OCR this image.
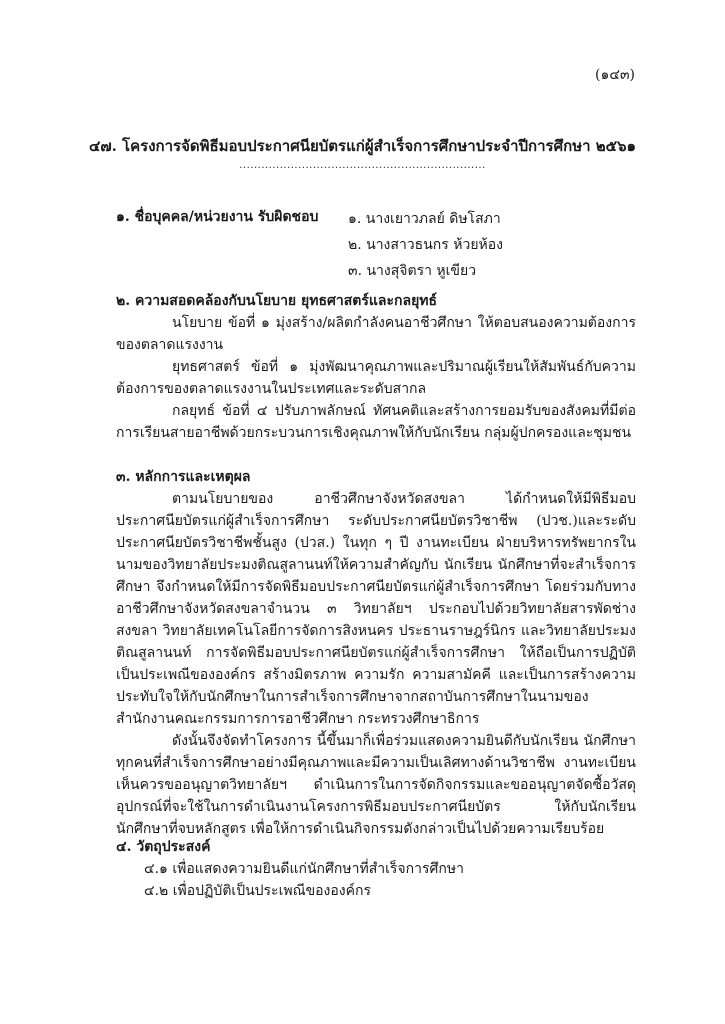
(๑๔๓)
๔๗. โครงการจัดพิธีมอบประกาศนียบัตรแก่ผู้สำเร็จการศึกษาประจำปีการศึกษา ๒๕๖๑
...................................................................
๑. ชื่อบุคคล/หน่วยงาน รับผิดชอบ ๑. นางเยาวภลย์ ดิษโสภา
๒. นางสาวธนกร ห้วยห้อง
๓. นางสุจิตรา หูเขียว
๒. ความสอดคล้องกับนโยบาย ยุทธศาสตร์และกลยุทธ์
นโยบาย ข้อที่ ๑ มุ่งสร้าง/ผลิตกำลังคนอาชีวศึกษา ให้ตอบสนองความต้องการของตลาดแรงงาน
ยุทธศาสตร์ ข้อที่ ๑ มุ่งพัฒนาคุณภาพและปริมาณผู้เรียนให้สัมพันธ์กับความต้องการของตลาดแรงงานในประเทศและระดับสากล
กลยุทธ์ ข้อที่ ๔ ปรับภาพลักษณ์ ทัศนคติและสร้างการยอมรับของสังคมที่มีต่อการเรียนสายอาชีพด้วยกระบวนการเชิงคุณภาพให้กับนักเรียน กลุ่มผู้ปกครองและชุมชน
๓. หลักการและเหตุผล
ตามนโยบายของ อาชีวศึกษาจังหวัดสงขลา ได้กำหนดให้มีพิธีมอบประกาศนียบัตรแก่ผู้สำเร็จการศึกษา ระดับประกาศนียบัตรวิชาชีพ (ปวช.)และระดับประกาศนียบัตรวิชาชีพชั้นสูง (ปวส.) ในทุก ๆ ปี งานทะเบียน ฝ่ายบริหารทรัพยากรในนามของวิทยาลัยประมงติณสูลานนท์ให้ความสำคัญกับ นักเรียน นักศึกษาที่จะสำเร็จการศึกษา จึงกำหนดให้มีการจัดพิธีมอบประกาศนียบัตรแก่ผู้สำเร็จการศึกษา โดยร่วมกับทางอาชีวศึกษาจังหวัดสงขลาจำนวน ๓ วิทยาลัยฯ ประกอบไปด้วยวิทยาลัยสารพัดช่างสงขลา วิทยาลัยเทคโนโลยีการจัดการสิงหนคร ประธานราษฎร์นิกร และวิทยาลัยประมงติณสูลานนท์ การจัดพิธีมอบประกาศนียบัตรแก่ผู้สำเร็จการศึกษา ให้ถือเป็นการปฏิบัติเป็นประเพณีขององค์กร สร้างมิตรภาพ ความรัก ความสามัคคี และเป็นการสร้างความประทับใจให้กับนักศึกษาในการสำเร็จการศึกษาจากสถาบันการศึกษาในนามของสำนักงานคณะกรรมการการอาชีวศึกษา กระทรวงศึกษาธิการ
ดังนั้นจึงจัดทำโครงการ นี้ขึ้นมาก็เพื่อร่วมแสดงความยินดีกับนักเรียน นักศึกษาทุกคนที่สำเร็จการศึกษาอย่างมีคุณภาพและมีความเป็นเลิศทางด้านวิชาชีพ งานทะเบียนเห็นควรขออนุญาตวิทยาลัยฯ ดำเนินการในการจัดกิจกรรมและขออนุญาตจัดซื้อวัสดุอุปกรณ์ที่จะใช้ในการดำเนินงานโครงการพิธีมอบประกาศนียบัตร ให้กับนักเรียนนักศึกษาที่จบหลักสูตร เพื่อให้การดำเนินกิจกรรมดังกล่าวเป็นไปด้วยความเรียบร้อย
๔. วัตถุประสงค์
๔.๑ เพื่อแสดงความยินดีแก่นักศึกษาที่สำเร็จการศึกษา
๔.๒ เพื่อปฏิบัติเป็นประเพณีขององค์กร
